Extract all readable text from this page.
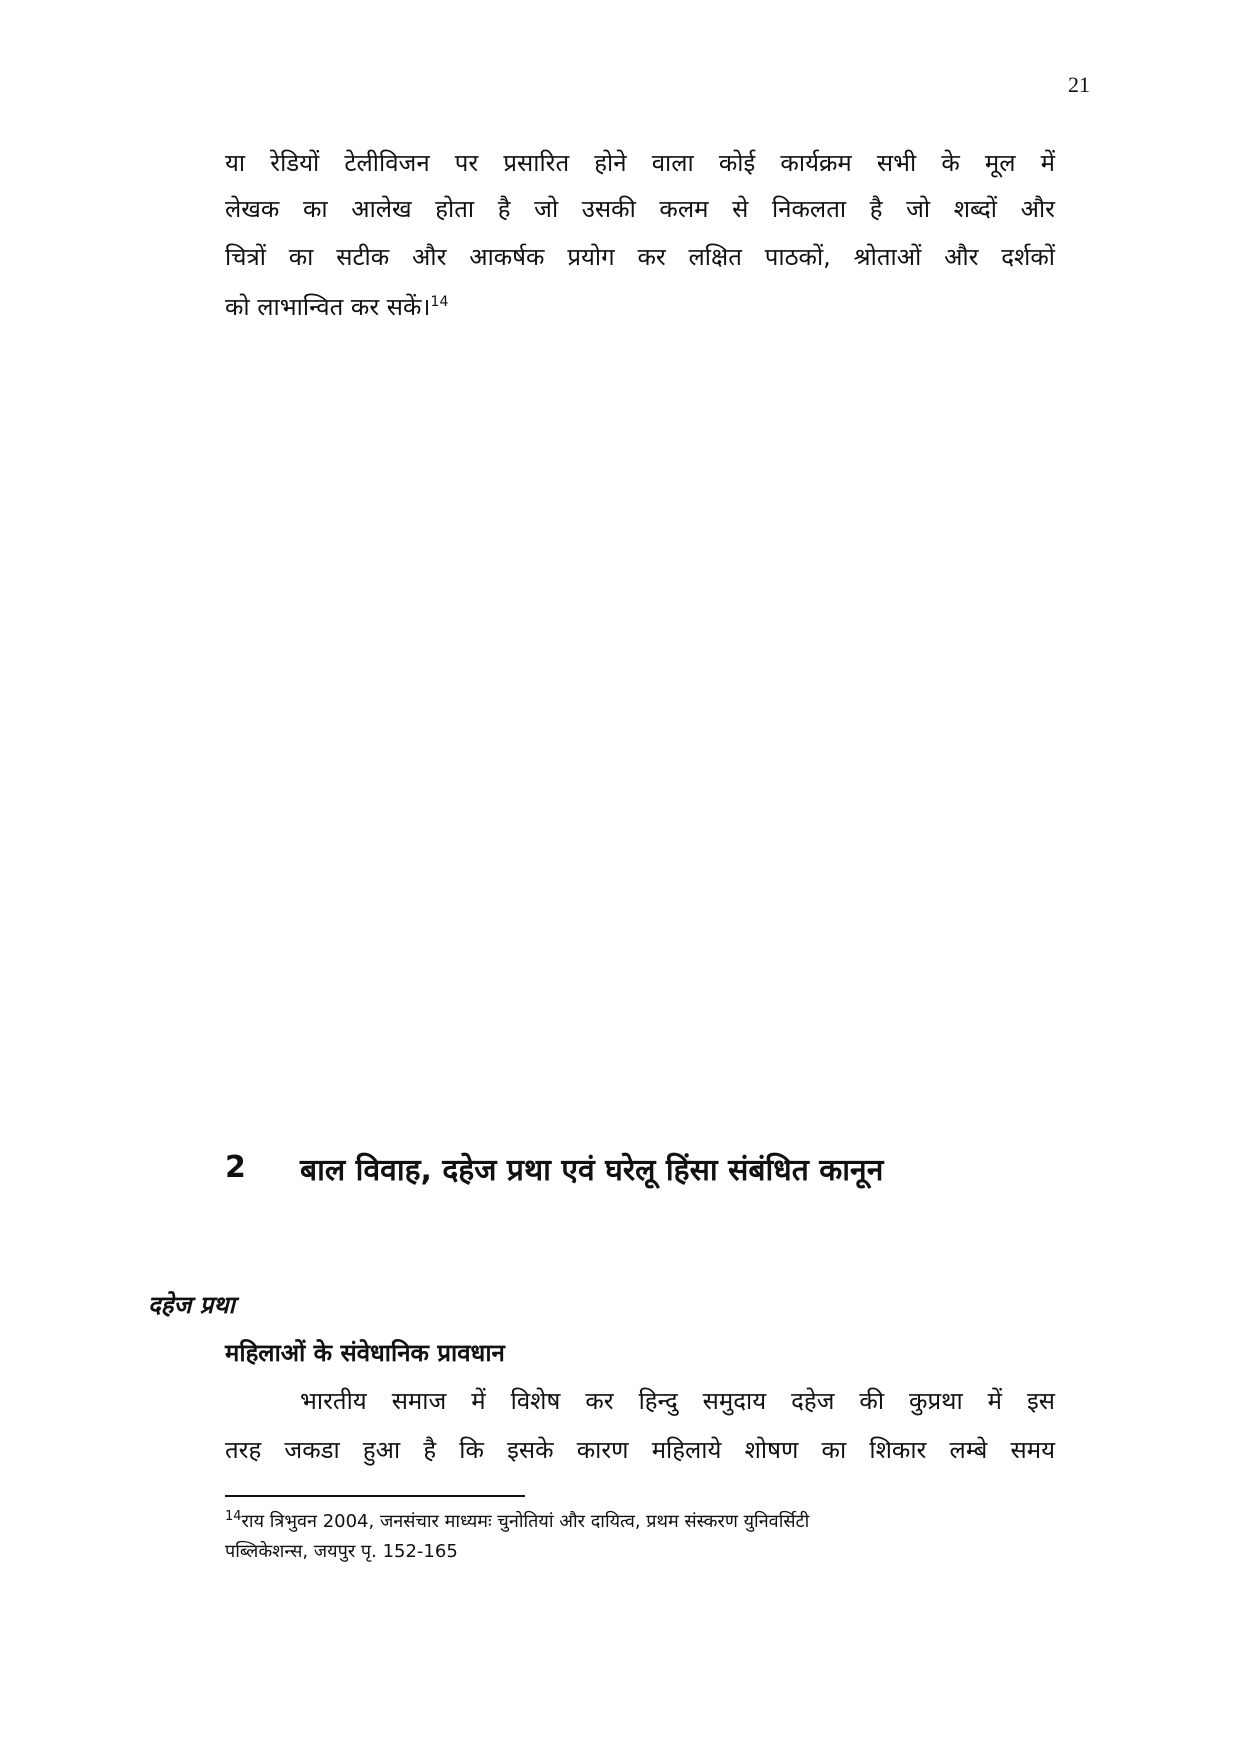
21
या रेडियों टेलीविजन पर प्रसारित होने वाला कोई कार्यक्रम सभी के मूल में
लेखक का आलेख होता है जो उसकी कलम से निकलता है जो शब्दों और
चित्रों का सटीक और आकर्षक प्रयोग कर लक्षित पाठकों, श्रोताओं और दर्शकों
को लाभान्वित कर सकें।$^{14}$
2 बाल विवाह, दहेज प्रथा एवं घरेलू हिंसा संबंधित कानून
दहेज प्रथा
महिलाओं के संवेधानिक प्रावधान
भारतीय समाज में विशेष कर हिन्दु समुदाय दहेज की कुप्रथा में इस
तरह जकडा हुआ है कि इसके कारण महिलाये शोषण का शिकार लम्बे समय
$^{14}$राय त्रिभुवन 2004, जनसंचार माध्यमः चुनोतियां और दायित्व, प्रथम संस्करण युनिवर्सिटी
पब्लिकेशन्स, जयपुर पृ. 152-165
